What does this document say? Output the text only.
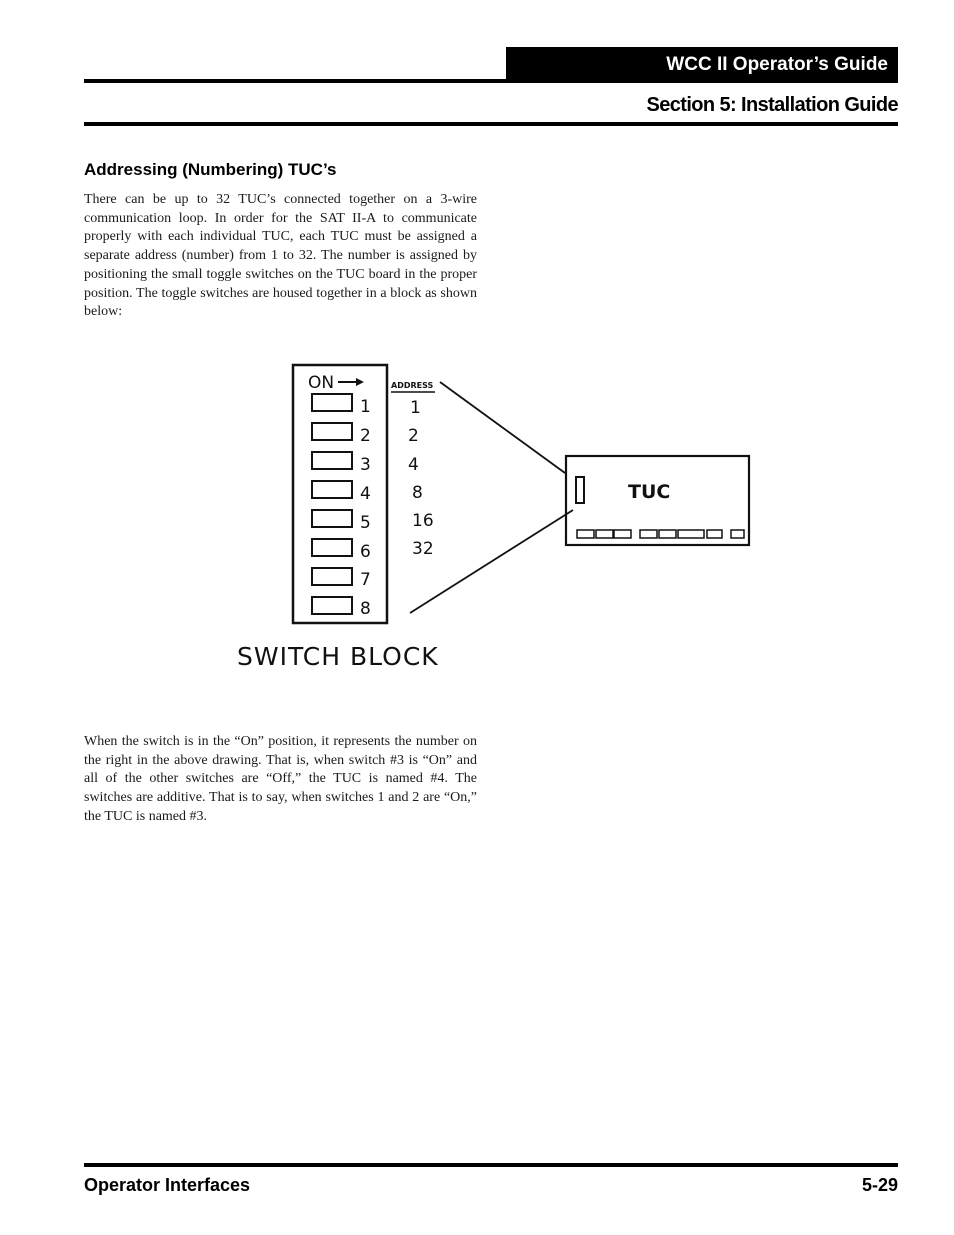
WCC II Operator’s Guide
Section 5: Installation Guide
Addressing (Numbering) TUC’s
There can be up to 32 TUC’s connected together on a 3-wire communication loop. In order for the SAT II-A to communicate properly with each individual TUC, each TUC must be assigned a separate address (number) from 1 to 32. The number is assigned by positioning the small toggle switches on the TUC board in the proper position. The toggle switches are housed together in a block as shown below:
ON	ADDRESS
1
2
3
4
5
6
7
8
1
2
4
8
16
32
SWITCH BLOCK
TUC
When the switch is in the “On” position, it represents the number on the right in the above drawing. That is, when switch #3 is “On” and all of the other switches are “Off,” the TUC is named #4. The switches are additive. That is to say, when switches 1 and 2 are “On,” the TUC is named #3.
Operator Interfaces	5-29
